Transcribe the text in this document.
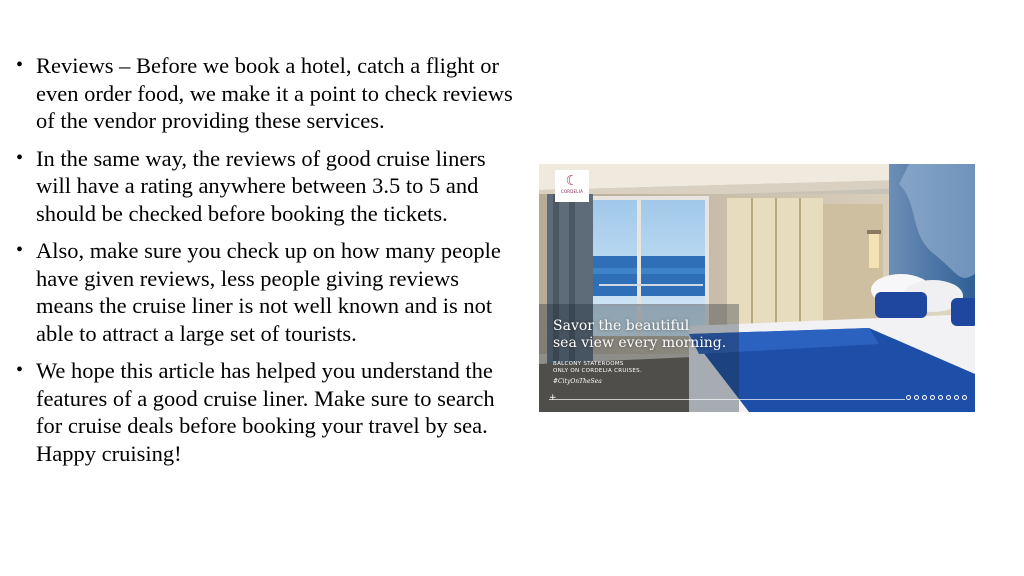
• Reviews – Before we book a hotel, catch a flight or even order food, we make it a point to check reviews of the vendor providing these services.
• In the same way, the reviews of good cruise liners will have a rating anywhere between 3.5 to 5 and should be checked before booking the tickets.
• Also, make sure you check up on how many people have given reviews, less people giving reviews means the cruise liner is not well known and is not able to attract a large set of tourists.
• We hope this article has helped you understand the features of a good cruise liner. Make sure to search for cruise deals before booking your travel by sea. Happy cruising!
☾
CORDELIA
Savor the beautiful
sea view every morning.
BALCONY STATEROOMS
ONLY ON CORDELIA CRUISES.
#CityOnTheSea
+
